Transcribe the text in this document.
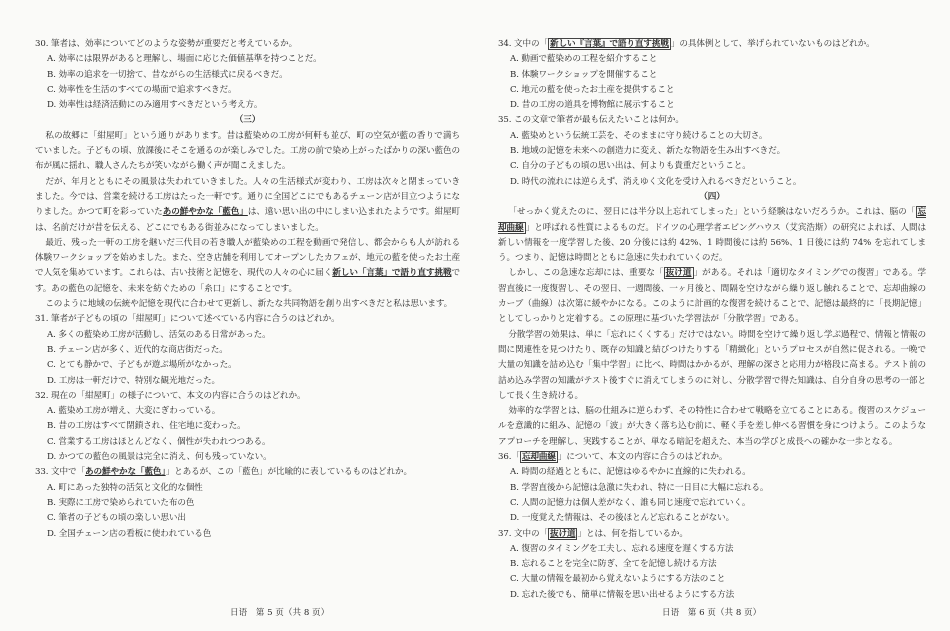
30. 筆者は、効率についてどのような姿勢が重要だと考えているか。
A. 効率には限界があると理解し、場面に応じた価値基準を持つことだ。
B. 効率の追求を一切捨て、昔ながらの生活様式に戻るべきだ。
C. 効率性を生活のすべての場面で追求すべきだ。
D. 効率性は経済活動にのみ適用すべきだという考え方。
（三）
私の故郷に「紺屋町」という通りがあります。昔は藍染めの工房が何軒も並び、町の空気が藍の香りで満ちていました。子どもの頃、放課後にそこを通るのが楽しみでした。工房の前で染め上がったばかりの深い藍色の布が風に揺れ、職人さんたちが笑いながら働く声が聞こえました。
だが、年月とともにその風景は失われていきました。人々の生活様式が変わり、工房は次々と閉まっていきました。今では、営業を続ける工房はたった一軒です。通りに全国どこにでもあるチェーン店が目立つようになりました。かつて町を彩っていたあの鮮やかな「藍色」は、遠い思い出の中にしまい込まれたようです。紺屋町は、名前だけが昔を伝える、どこにでもある街並みになってしまいました。
最近、残った一軒の工房を継いだ三代目の若き職人が藍染めの工程を動画で発信し、都会からも人が訪れる体験ワークショップを始めました。また、空き店舗を利用してオープンしたカフェが、地元の藍を使ったお土産で人気を集めています。これらは、古い技術と記憶を、現代の人々の心に届く新しい「言葉」で語り直す挑戦です。あの藍色の記憶を、未来を紡ぐための「糸口」にすることです。
このように地域の伝統や記憶を現代に合わせて更新し、新たな共同物語を創り出すべきだと私は思います。
31. 筆者が子どもの頃の「紺屋町」について述べている内容に合うのはどれか。
A. 多くの藍染め工房が活動し、活気のある日常があった。
B. チェーン店が多く、近代的な商店街だった。
C. とても静かで、子どもが遊ぶ場所がなかった。
D. 工房は一軒だけで、特別な観光地だった。
32. 現在の「紺屋町」の様子について、本文の内容に合うのはどれか。
A. 藍染め工房が増え、大変にぎわっている。
B. 昔の工房はすべて閉鎖され、住宅地に変わった。
C. 営業する工房はほとんどなく、個性が失われつつある。
D. かつての藍色の風景は完全に消え、何も残っていない。
33. 文中で「あの鮮やかな「藍色」」とあるが、この「藍色」が比喩的に表しているものはどれか。
A. 町にあった独特の活気と文化的な個性
B. 実際に工房で染められていた布の色
C. 筆者の子どもの頃の楽しい思い出
D. 全国チェーン店の看板に使われている色
34. 文中の「 新しい『言葉』で語り直す挑戦 」の具体例として、挙げられていないものはどれか。
A. 動画で藍染めの工程を紹介すること
B. 体験ワークショップを開催すること
C. 地元の藍を使ったお土産を提供すること
D. 昔の工房の道具を博物館に展示すること
35. この文章で筆者が最も伝えたいことは何か。
A. 藍染めという伝統工芸を、そのままに守り続けることの大切さ。
B. 地域の記憶を未来への創造力に変え、新たな物語を生み出すべきだ。
C. 自分の子どもの頃の思い出は、何よりも貴重だということ。
D. 時代の流れには逆らえず、消えゆく文化を受け入れるべきだということ。
（四）
「せっかく覚えたのに、翌日には半分以上忘れてしまった」という経験はないだろうか。これは、脳の「 忘却曲線 」と呼ばれる性質によるものだ。ドイツの心理学者エビングハウス（艾宾浩斯）の研究によれば、人間は新しい情報を一度学習した後、20 分後には約 42%、1 時間後には約 56%、1 日後には約 74% を忘れてしまう。つまり、記憶は時間とともに急速に失われていくのだ。
しかし、この急速な忘却には、重要な「 抜け道 」がある。それは「適切なタイミングでの復習」である。学習直後に一度復習し、その翌日、一週間後、一ヶ月後と、間隔を空けながら繰り返し触れることで、忘却曲線のカーブ（曲線）は次第に緩やかになる。このように計画的な復習を続けることで、記憶は最終的に「長期記憶」としてしっかりと定着する。この原理に基づいた学習法が「分散学習」である。
分散学習の効果は、単に「忘れにくくする」だけではない。時間を空けて繰り返し学ぶ過程で、情報と情報の間に関連性を見つけたり、既存の知識と結びつけたりする「精緻化」というプロセスが自然に促される。一晩で大量の知識を詰め込む「集中学習」に比べ、時間はかかるが、理解の深さと応用力が格段に高まる。テスト前の詰め込み学習の知識がテスト後すぐに消えてしまうのに対し、分散学習で得た知識は、自分自身の思考の一部として長く生き続ける。
効率的な学習とは、脳の仕組みに逆らわず、その特性に合わせて戦略を立てることにある。復習のスケジュールを意識的に組み、記憶の「波」が大きく落ち込む前に、軽く手を差し伸べる習慣を身につけよう。このようなアプローチを理解し、実践することが、単なる暗記を超えた、本当の学びと成長への確かな一歩となる。
36.「 忘却曲線 」について、本文の内容に合うのはどれか。
A. 時間の経過とともに、記憶はゆるやかに直線的に失われる。
B. 学習直後から記憶は急激に失われ、特に一日目に大幅に忘れる。
C. 人間の記憶力は個人差がなく、誰も同じ速度で忘れていく。
D. 一度覚えた情報は、その後ほとんど忘れることがない。
37. 文中の「 抜け道 」とは、何を指しているか。
A. 復習のタイミングを工夫し、忘れる速度を遅くする方法
B. 忘れることを完全に防ぎ、全てを記憶し続ける方法
C. 大量の情報を最初から覚えないようにする方法のこと
D. 忘れた後でも、簡単に情報を思い出せるようにする方法
日语　第 5 页（共 8 页）	日语　第 6 页（共 8 页）
